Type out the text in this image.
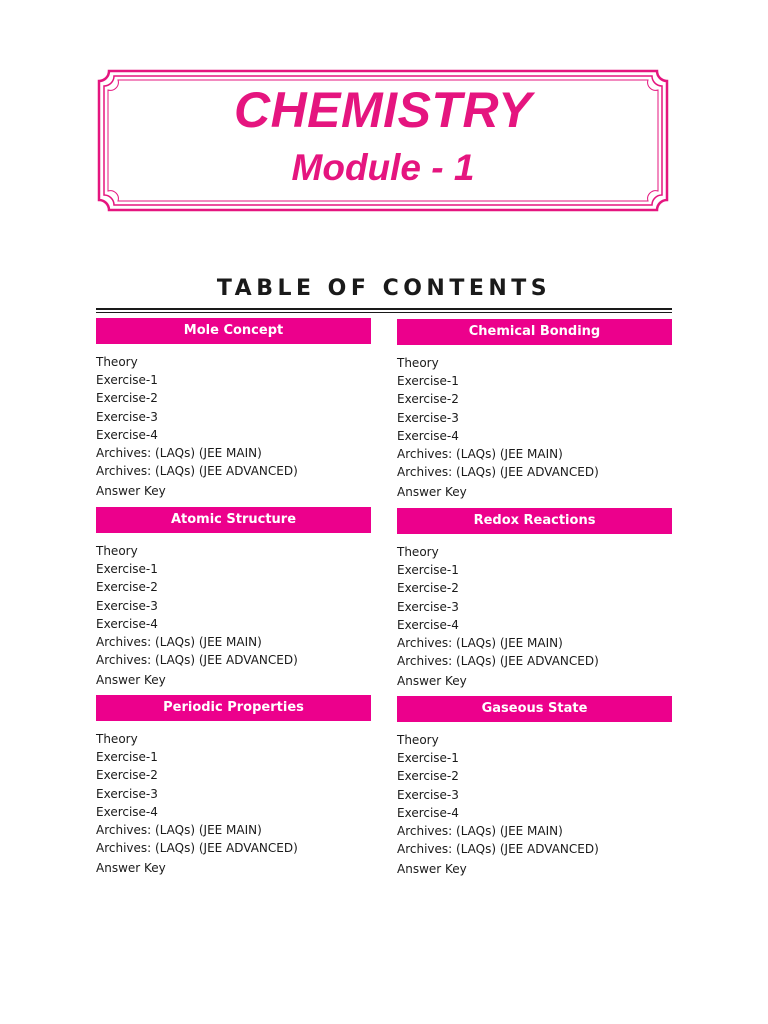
CHEMISTRY
Module - 1
TABLE OF CONTENTS
Mole Concept
Theory
Exercise-1
Exercise-2
Exercise-3
Exercise-4
Archives: (LAQs) (JEE MAIN)
Archives: (LAQs) (JEE ADVANCED)
Answer Key
Chemical Bonding
Theory
Exercise-1
Exercise-2
Exercise-3
Exercise-4
Archives: (LAQs) (JEE MAIN)
Archives: (LAQs) (JEE ADVANCED)
Answer Key
Atomic Structure
Theory
Exercise-1
Exercise-2
Exercise-3
Exercise-4
Archives: (LAQs) (JEE MAIN)
Archives: (LAQs) (JEE ADVANCED)
Answer Key
Redox Reactions
Theory
Exercise-1
Exercise-2
Exercise-3
Exercise-4
Archives: (LAQs) (JEE MAIN)
Archives: (LAQs) (JEE ADVANCED)
Answer Key
Periodic Properties
Theory
Exercise-1
Exercise-2
Exercise-3
Exercise-4
Archives: (LAQs) (JEE MAIN)
Archives: (LAQs) (JEE ADVANCED)
Answer Key
Gaseous State
Theory
Exercise-1
Exercise-2
Exercise-3
Exercise-4
Archives: (LAQs) (JEE MAIN)
Archives: (LAQs) (JEE ADVANCED)
Answer Key
